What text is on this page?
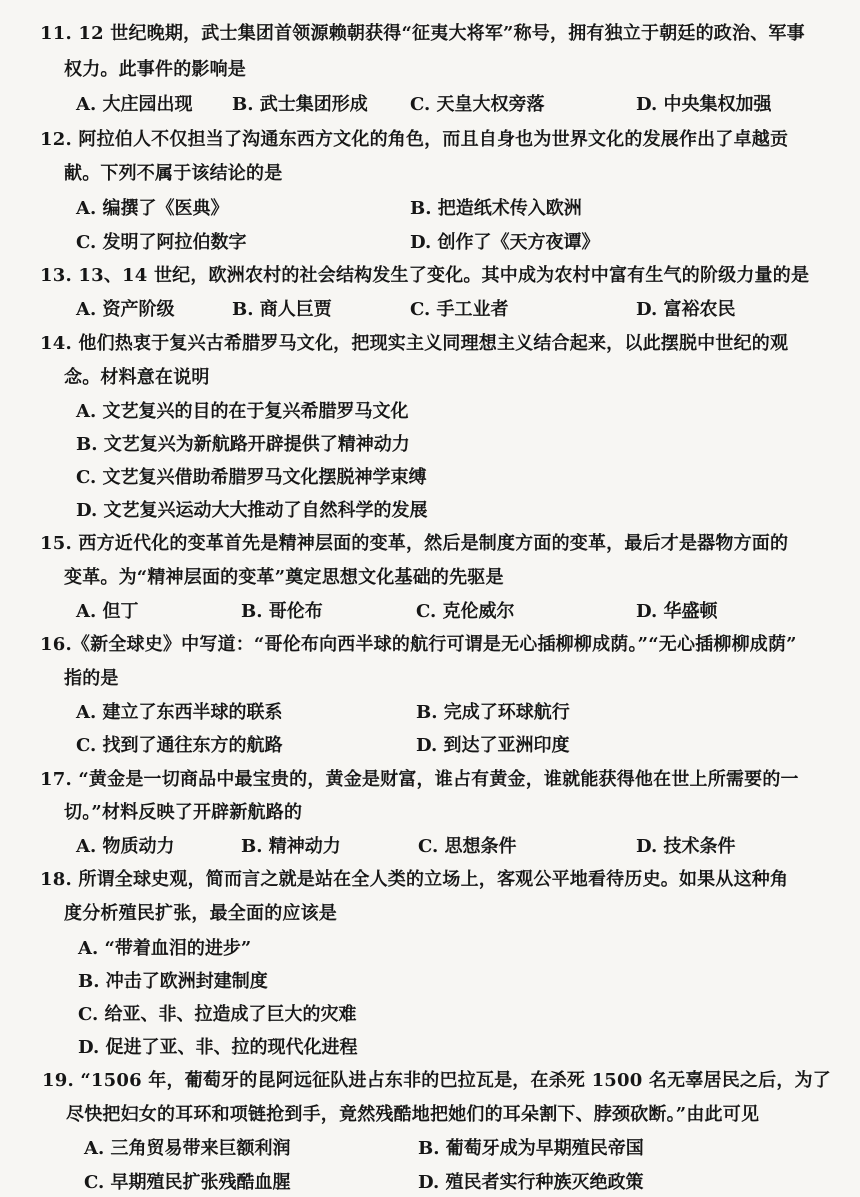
11. 12 世纪晚期，武士集团首领源赖朝获得“征夷大将军”称号，拥有独立于朝廷的政治、军事
权力。此事件的影响是
A. 大庄园出现 B. 武士集团形成 C. 天皇大权旁落	D. 中央集权加强
12. 阿拉伯人不仅担当了沟通东西方文化的角色，而且自身也为世界文化的发展作出了卓越贡
献。下列不属于该结论的是
A. 编撰了《医典》	B. 把造纸术传入欧洲
C. 发明了阿拉伯数字	D. 创作了《天方夜谭》
13. 13、14 世纪，欧洲农村的社会结构发生了变化。其中成为农村中富有生气的阶级力量的是
A. 资产阶级	B. 商人巨贾	C. 手工业者	D. 富裕农民
14. 他们热衷于复兴古希腊罗马文化，把现实主义同理想主义结合起来，以此摆脱中世纪的观
念。材料意在说明
A. 文艺复兴的目的在于复兴希腊罗马文化
B. 文艺复兴为新航路开辟提供了精神动力
C. 文艺复兴借助希腊罗马文化摆脱神学束缚
D. 文艺复兴运动大大推动了自然科学的发展
15. 西方近代化的变革首先是精神层面的变革，然后是制度方面的变革，最后才是器物方面的
变革。为“精神层面的变革”奠定思想文化基础的先驱是
A. 但丁	B. 哥伦布	C. 克伦威尔	D. 华盛顿
16.《新全球史》中写道：“哥伦布向西半球的航行可谓是无心插柳柳成荫。”“无心插柳柳成荫”
指的是
A. 建立了东西半球的联系	B. 完成了环球航行
C. 找到了通往东方的航路	D. 到达了亚洲印度
17. “黄金是一切商品中最宝贵的，黄金是财富，谁占有黄金，谁就能获得他在世上所需要的一
切。”材料反映了开辟新航路的
A. 物质动力	B. 精神动力	C. 思想条件	D. 技术条件
18. 所谓全球史观，简而言之就是站在全人类的立场上，客观公平地看待历史。如果从这种角
度分析殖民扩张，最全面的应该是
A. “带着血泪的进步”
B. 冲击了欧洲封建制度
C. 给亚、非、拉造成了巨大的灾难
D. 促进了亚、非、拉的现代化进程
19. “1506 年，葡萄牙的昆阿远征队进占东非的巴拉瓦是，在杀死 1500 名无辜居民之后，为了
尽快把妇女的耳环和项链抢到手，竟然残酷地把她们的耳朵割下、脖颈砍断。”由此可见
A. 三角贸易带来巨额利润	B. 葡萄牙成为早期殖民帝国
C. 早期殖民扩张残酷血腥	D. 殖民者实行种族灭绝政策
